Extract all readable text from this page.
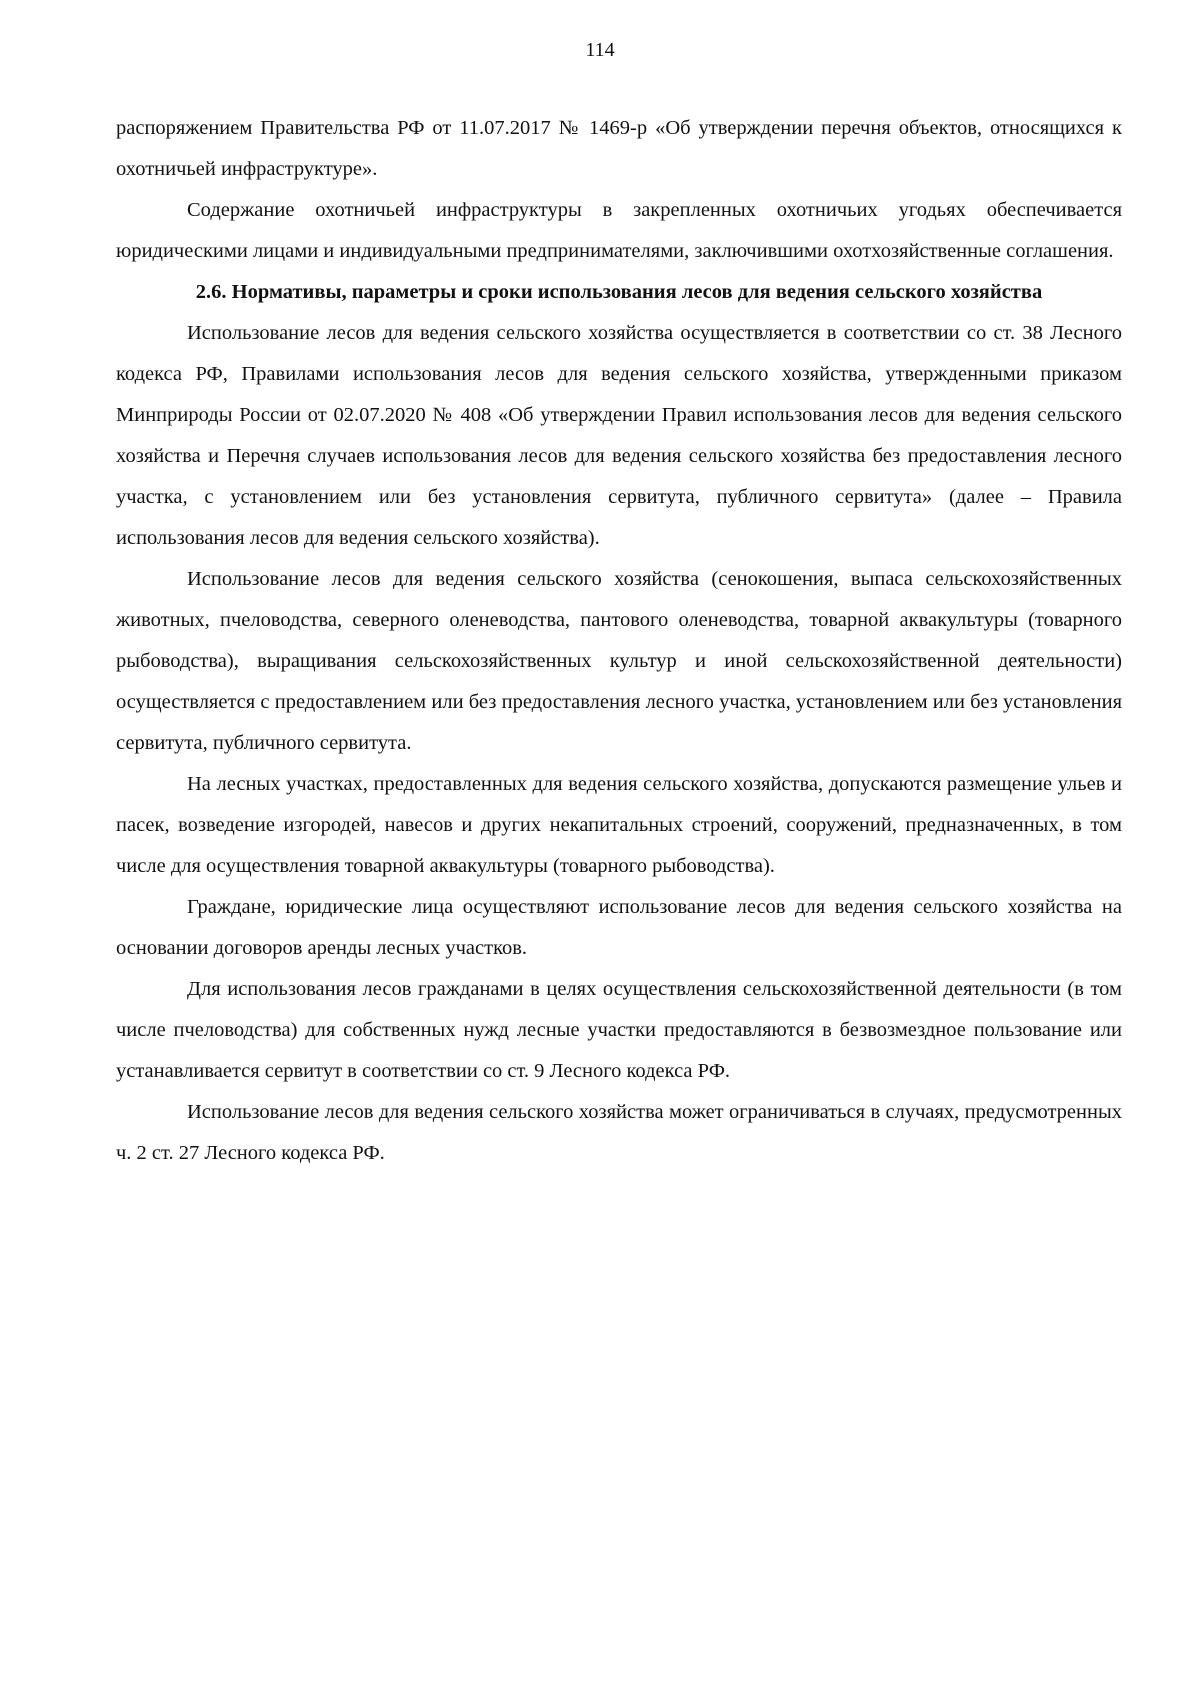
114

распоряжением Правительства РФ от 11.07.2017 № 1469-р «Об утверждении перечня объектов, относящихся к охотничьей инфраструктуре».

Содержание охотничьей инфраструктуры в закрепленных охотничьих угодьях обеспечивается юридическими лицами и индивидуальными предпринимателями, заключившими охотхозяйственные соглашения.

2.6. Нормативы, параметры и сроки использования лесов для ведения сельского хозяйства

Использование лесов для ведения сельского хозяйства осуществляется в соответствии со ст. 38 Лесного кодекса РФ, Правилами использования лесов для ведения сельского хозяйства, утвержденными приказом Минприроды России от 02.07.2020 № 408 «Об утверждении Правил использования лесов для ведения сельского хозяйства и Перечня случаев использования лесов для ведения сельского хозяйства без предоставления лесного участка, с установлением или без установления сервитута, публичного сервитута» (далее – Правила использования лесов для ведения сельского хозяйства).

Использование лесов для ведения сельского хозяйства (сенокошения, выпаса сельскохозяйственных животных, пчеловодства, северного оленеводства, пантового оленеводства, товарной аквакультуры (товарного рыбоводства), выращивания сельскохозяйственных культур и иной сельскохозяйственной деятельности) осуществляется с предоставлением или без предоставления лесного участка, установлением или без установления сервитута, публичного сервитута.

На лесных участках, предоставленных для ведения сельского хозяйства, допускаются размещение ульев и пасек, возведение изгородей, навесов и других некапитальных строений, сооружений, предназначенных, в том числе для осуществления товарной аквакультуры (товарного рыбоводства).

Граждане, юридические лица осуществляют использование лесов для ведения сельского хозяйства на основании договоров аренды лесных участков.

Для использования лесов гражданами в целях осуществления сельскохозяйственной деятельности (в том числе пчеловодства) для собственных нужд лесные участки предоставляются в безвозмездное пользование или устанавливается сервитут в соответствии со ст. 9 Лесного кодекса РФ.

Использование лесов для ведения сельского хозяйства может ограничиваться в случаях, предусмотренных ч. 2 ст. 27 Лесного кодекса РФ.
